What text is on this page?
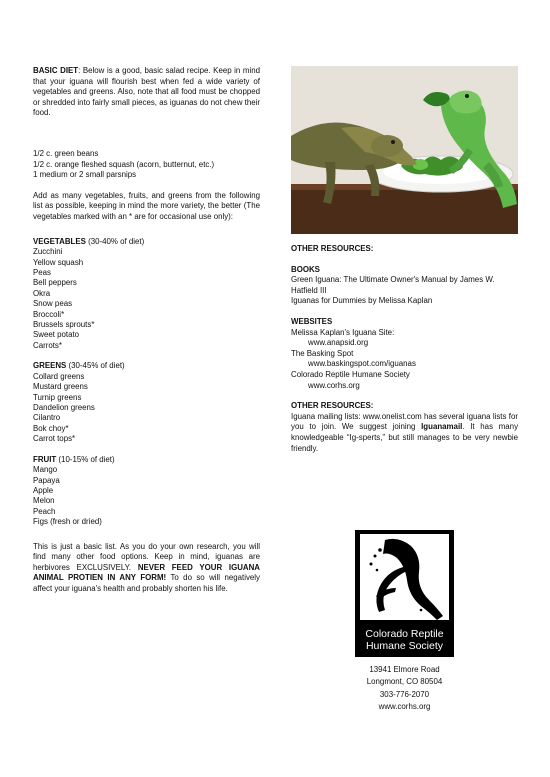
BASIC DIET: Below is a good, basic salad recipe. Keep in mind that your iguana will flourish best when fed a wide variety of vegetables and greens. Also, note that all food must be chopped or shredded into fairly small pieces, as iguanas do not chew their food.

1/2 c. green beans
1/2 c. orange fleshed squash (acorn, butternut, etc.)
1 medium or 2 small parsnips

Add as many vegetables, fruits, and greens from the following list as possible, keeping in mind the more variety, the better (The vegetables marked with an * are for occasional use only):

VEGETABLES (30-40% of diet)

Zucchini
Yellow squash
Peas
Bell peppers
Okra
Snow peas
Broccoli*
Brussels sprouts*
Sweet potato
Carrots*

GREENS (30-45% of diet)

Collard greens
Mustard greens
Turnip greens
Dandelion greens
Cilantro
Bok choy*
Carrot tops*

FRUIT (10-15% of diet)

Mango
Papaya
Apple
Melon
Peach
Figs (fresh or dried)

This is just a basic list. As you do your own research, you will find many other food options. Keep in mind, iguanas are herbivores EXCLUSIVELY. NEVER FEED YOUR IGUANA ANIMAL PROTIEN IN ANY FORM! To do so will negatively affect your iguana's health and probably shorten his life.

OTHER RESOURCES:

BOOKS

Green Iguana: The Ultimate Owner's Manual by James W. Hatfield III

Iguanas for Dummies by Melissa Kaplan

WEBSITES

Melissa Kaplan's Iguana Site:

www.anapsid.org

The Basking Spot

www.baskingspot.com/iguanas

Colorado Reptile Humane Society

www.corhs.org

OTHER RESOURCES:

Iguana mailing lists: www.onelist.com has several iguana lists for you to join. We suggest joining Iguanamail. It has many knowledgeable “Ig-sperts,” but still manages to be very newbie friendly.

Colorado Reptile
Humane Society
13941 Elmore Road
Longmont, CO 80504
303-776-2070
www.corhs.org
